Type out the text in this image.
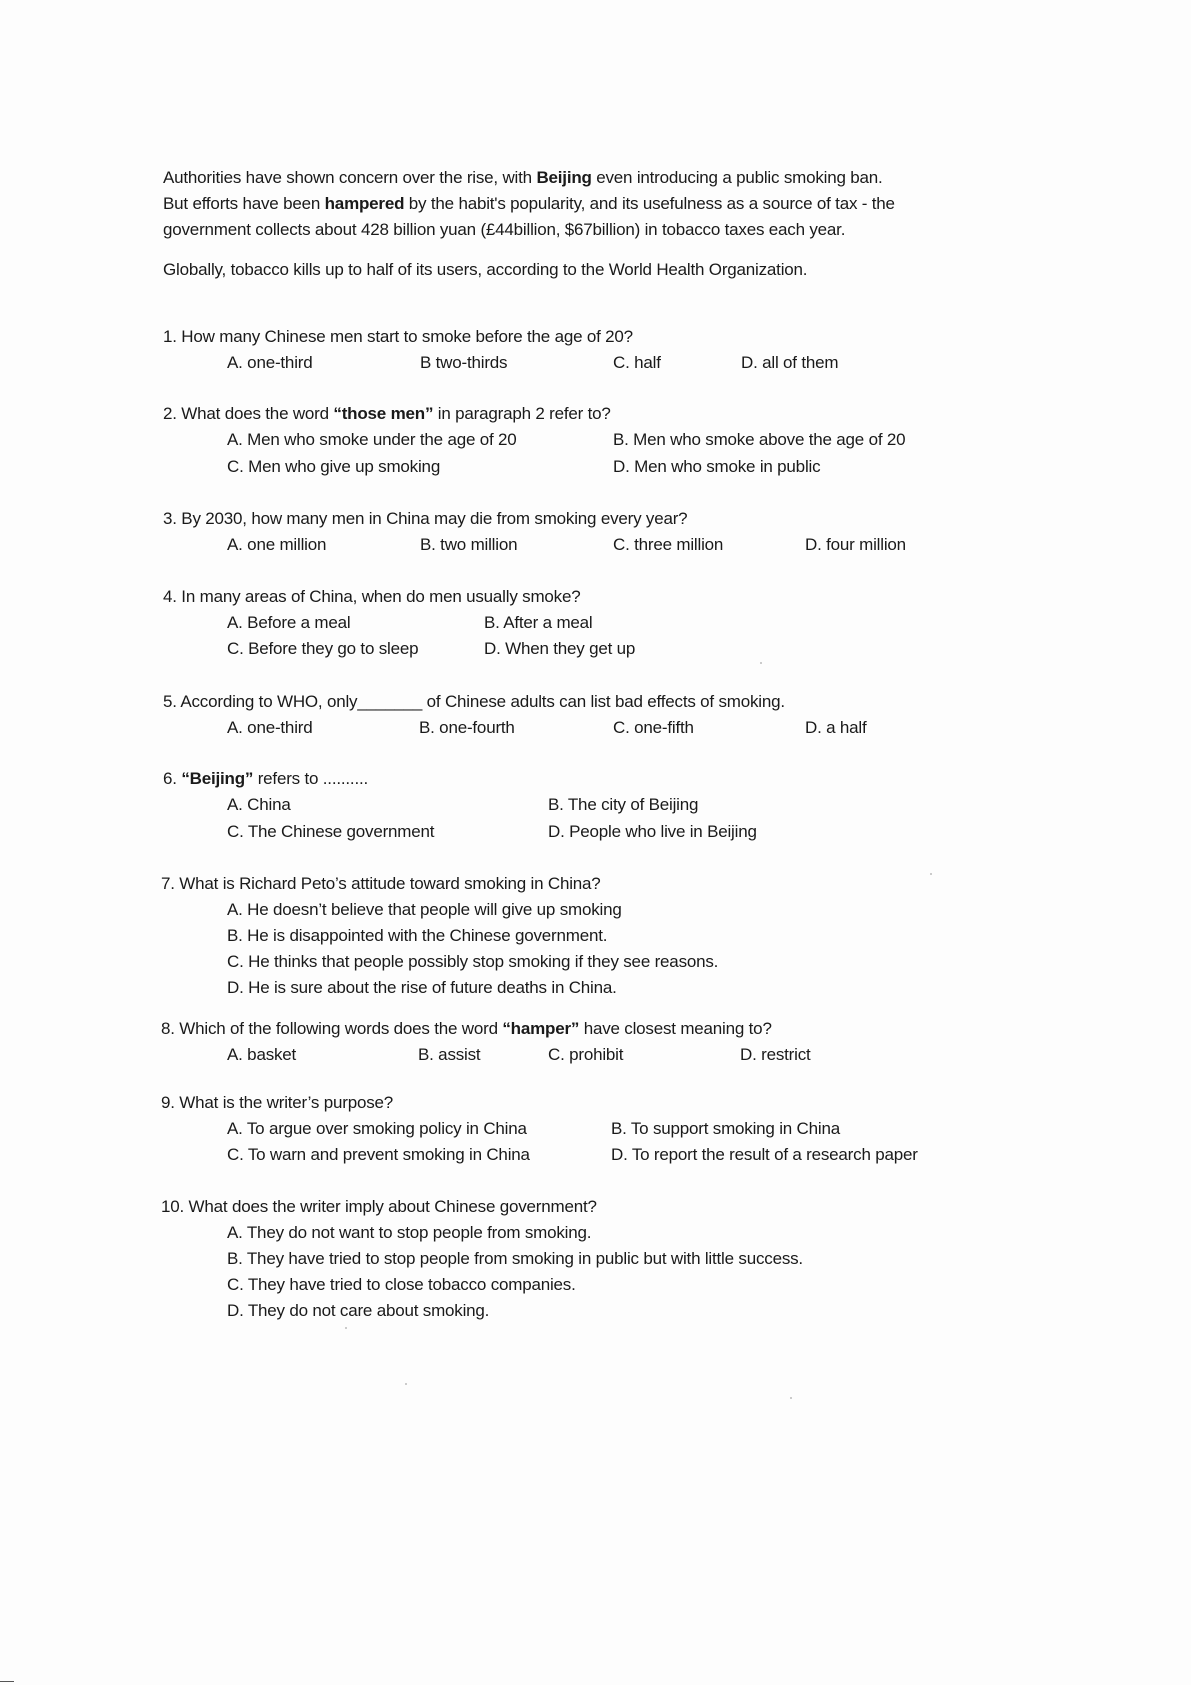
Authorities have shown concern over the rise, with Beijing even introducing a public smoking ban.
But efforts have been hampered by the habit's popularity, and its usefulness as a source of tax - the
government collects about 428 billion yuan (£44billion, $67billion) in tobacco taxes each year.
Globally, tobacco kills up to half of its users, according to the World Health Organization.
1. How many Chinese men start to smoke before the age of 20?
A. one-third	B two-thirds	C. half	D. all of them
2. What does the word “those men” in paragraph 2 refer to?
A. Men who smoke under the age of 20	B. Men who smoke above the age of 20
C. Men who give up smoking	D. Men who smoke in public
3. By 2030, how many men in China may die from smoking every year?
A. one million	B. two million	C. three million	D. four million
4. In many areas of China, when do men usually smoke?
A. Before a meal	B. After a meal
C. Before they go to sleep	D. When they get up
5. According to WHO, only_______ of Chinese adults can list bad effects of smoking.
A. one-third	B. one-fourth	C. one-fifth	D. a half
6. “Beijing” refers to ..........
A. China	B. The city of Beijing
C. The Chinese government	D. People who live in Beijing
7. What is Richard Peto’s attitude toward smoking in China?
A. He doesn’t believe that people will give up smoking
B. He is disappointed with the Chinese government.
C. He thinks that people possibly stop smoking if they see reasons.
D. He is sure about the rise of future deaths in China.
8. Which of the following words does the word “hamper” have closest meaning to?
A. basket	B. assist	C. prohibit	D. restrict
9. What is the writer’s purpose?
A. To argue over smoking policy in China	B. To support smoking in China
C. To warn and prevent smoking in China	D. To report the result of a research paper
10. What does the writer imply about Chinese government?
A. They do not want to stop people from smoking.
B. They have tried to stop people from smoking in public but with little success.
C. They have tried to close tobacco companies.
D. They do not care about smoking.
